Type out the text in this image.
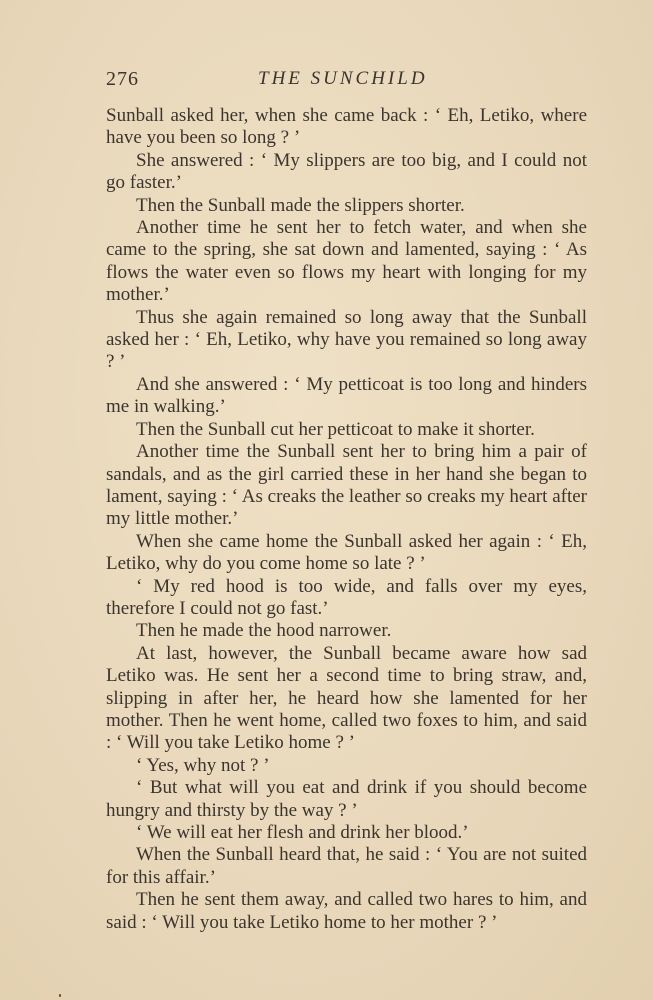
276	THE SUNCHILD

Sunball asked her, when she came back : ‘ Eh, Letiko, where have you been so long ? ’

She answered : ‘ My slippers are too big, and I could not go faster.’

Then the Sunball made the slippers shorter.

Another time he sent her to fetch water, and when she came to the spring, she sat down and lamented, saying : ‘ As flows the water even so flows my heart with longing for my mother.’

Thus she again remained so long away that the Sunball asked her : ‘ Eh, Letiko, why have you remained so long away ? ’

And she answered : ‘ My petticoat is too long and hinders me in walking.’

Then the Sunball cut her petticoat to make it shorter.

Another time the Sunball sent her to bring him a pair of sandals, and as the girl carried these in her hand she began to lament, saying : ‘ As creaks the leather so creaks my heart after my little mother.’

When she came home the Sunball asked her again : ‘ Eh, Letiko, why do you come home so late ? ’

‘ My red hood is too wide, and falls over my eyes, therefore I could not go fast.’

Then he made the hood narrower.

At last, however, the Sunball became aware how sad Letiko was. He sent her a second time to bring straw, and, slipping in after her, he heard how she lamented for her mother. Then he went home, called two foxes to him, and said : ‘ Will you take Letiko home ? ’

‘ Yes, why not ? ’

‘ But what will you eat and drink if you should become hungry and thirsty by the way ? ’

‘ We will eat her flesh and drink her blood.’

When the Sunball heard that, he said : ‘ You are not suited for this affair.’

Then he sent them away, and called two hares to him, and said : ‘ Will you take Letiko home to her mother ? ’
